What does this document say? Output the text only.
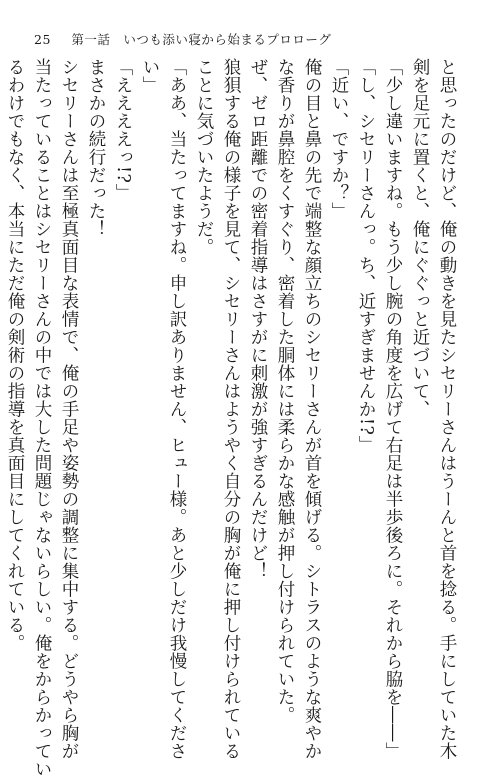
25 第一話　いつも添い寝から始まるプロローグ
と思ったのだけど、俺の動きを見たシセリーさんはうーんと首を捻る。手にしていた木
剣を足元に置くと、俺にぐぐっと近づいて、
「少し違いますね。もう少し腕の角度を広げて右足は半歩後ろに。それから脇を――」
「し、シセリーさんっ。ち、近すぎませんか!?」
「近い、ですか？」
俺の目と鼻の先で端整な顔立ちのシセリーさんが首を傾げる。シトラスのような爽やか
な香りが鼻腔をくすぐり、密着した胴体には柔らかな感触が押し付けられていた。
ぜ、ゼロ距離での密着指導はさすがに刺激が強すぎるんだけど！
狼狽する俺の様子を見て、シセリーさんはようやく自分の胸が俺に押し付けられている
ことに気づいたようだ。
「ああ、当たってますね。申し訳ありません、ヒュー様。あと少しだけ我慢してくださ
い」
「ええええっ!?」
まさかの続行だった！
シセリーさんは至極真面目な表情で、俺の手足や姿勢の調整に集中する。どうやら胸が
当たっていることはシセリーさんの中では大した問題じゃないらしい。俺をからかってい
るわけでもなく、本当にただ俺の剣術の指導を真面目にしてくれている。
